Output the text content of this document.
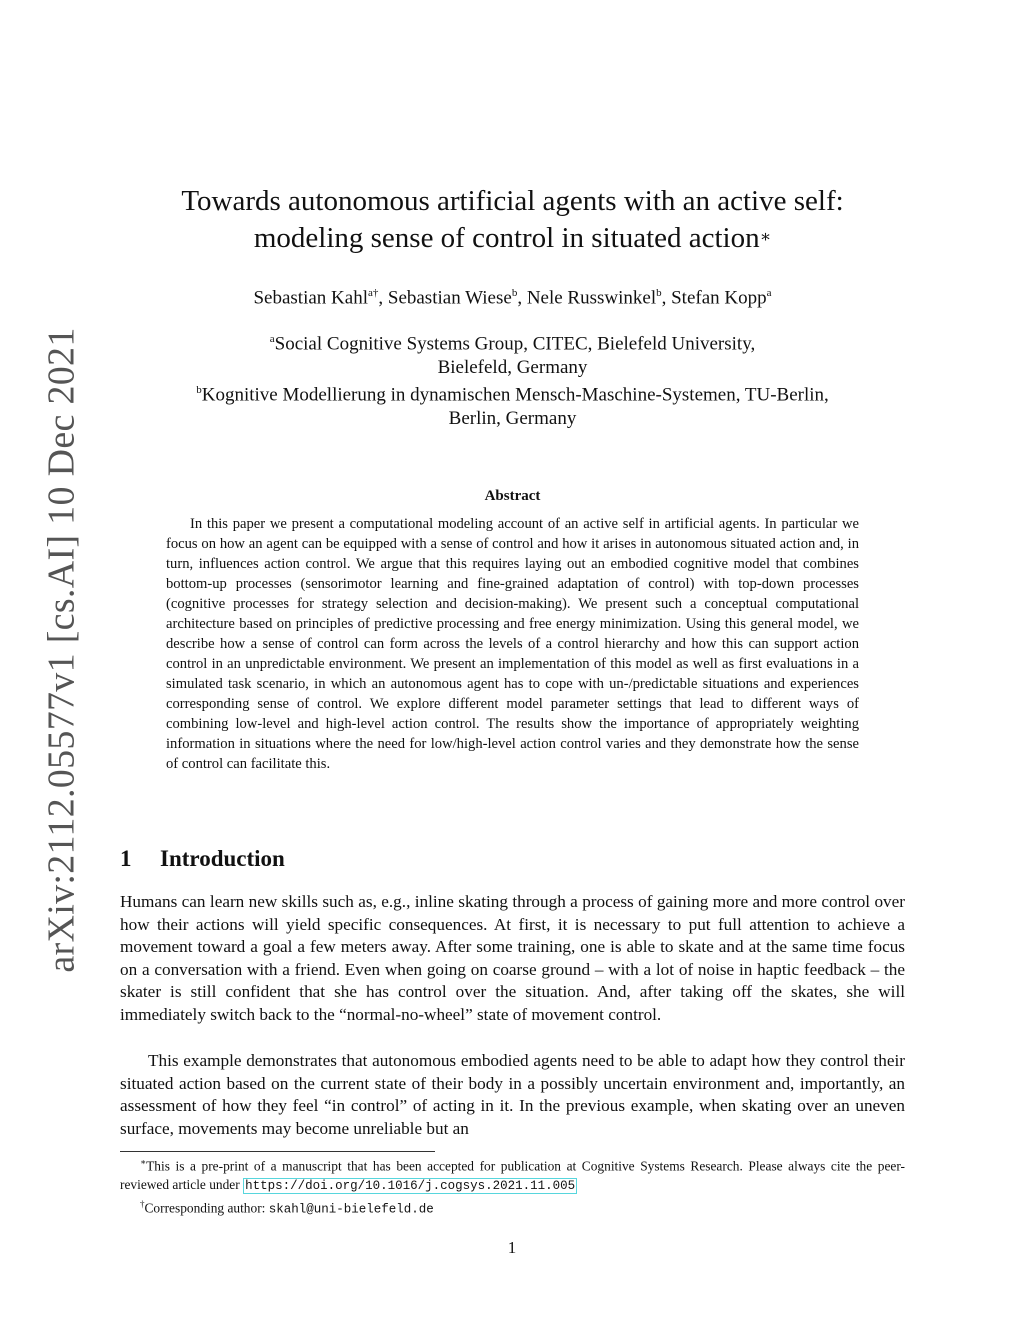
arXiv:2112.05577v1 [cs.AI] 10 Dec 2021
Towards autonomous artificial agents with an active self:
modeling sense of control in situated action∗
Sebastian Kahl$^{a\dagger}$, Sebastian Wiese$^b$, Nele Russwinkel$^b$, Stefan Kopp$^a$
$^a$Social Cognitive Systems Group, CITEC, Bielefeld University,
Bielefeld, Germany
$^b$Kognitive Modellierung in dynamischen Mensch-Maschine-Systemen, TU-Berlin,
Berlin, Germany
Abstract

In this paper we present a computational modeling account of an active self in artificial agents. In particular we focus on how an agent can be equipped with a sense of control and how it arises in autonomous situated action and, in turn, influences action control. We argue that this requires laying out an embodied cognitive model that combines bottom-up processes (sensorimotor learning and fine-grained adaptation of control) with top-down processes (cognitive processes for strategy selection and decision-making). We present such a conceptual computational architecture based on principles of predictive processing and free energy minimization. Using this general model, we describe how a sense of control can form across the levels of a control hierarchy and how this can support action control in an unpredictable environment. We present an implementation of this model as well as first evaluations in a simulated task scenario, in which an autonomous agent has to cope with un-/predictable situations and experiences corresponding sense of control. We explore different model parameter settings that lead to different ways of combining low-level and high-level action control. The results show the importance of appropriately weighting information in situations where the need for low/high-level action control varies and they demonstrate how the sense of control can facilitate this.

1 Introduction

Humans can learn new skills such as, e.g., inline skating through a process of gaining more and more control over how their actions will yield specific consequences. At first, it is necessary to put full attention to achieve a movement toward a goal a few meters away. After some training, one is able to skate and at the same time focus on a conversation with a friend. Even when going on coarse ground – with a lot of noise in haptic feedback – the skater is still confident that she has control over the situation. And, after taking off the skates, she will immediately switch back to the “normal-no-wheel” state of movement control.

This example demonstrates that autonomous embodied agents need to be able to adapt how they control their situated action based on the current state of their body in a possibly uncertain environment and, importantly, an assessment of how they feel “in control” of acting in it. In the previous example, when skating over an uneven surface, movements may become unreliable but an

∗This is a pre-print of a manuscript that has been accepted for publication at Cognitive Systems Research. Please always cite the peer-reviewed article under https://doi.org/10.1016/j.cogsys.2021.11.005

†Corresponding author: skahl@uni-bielefeld.de

1
